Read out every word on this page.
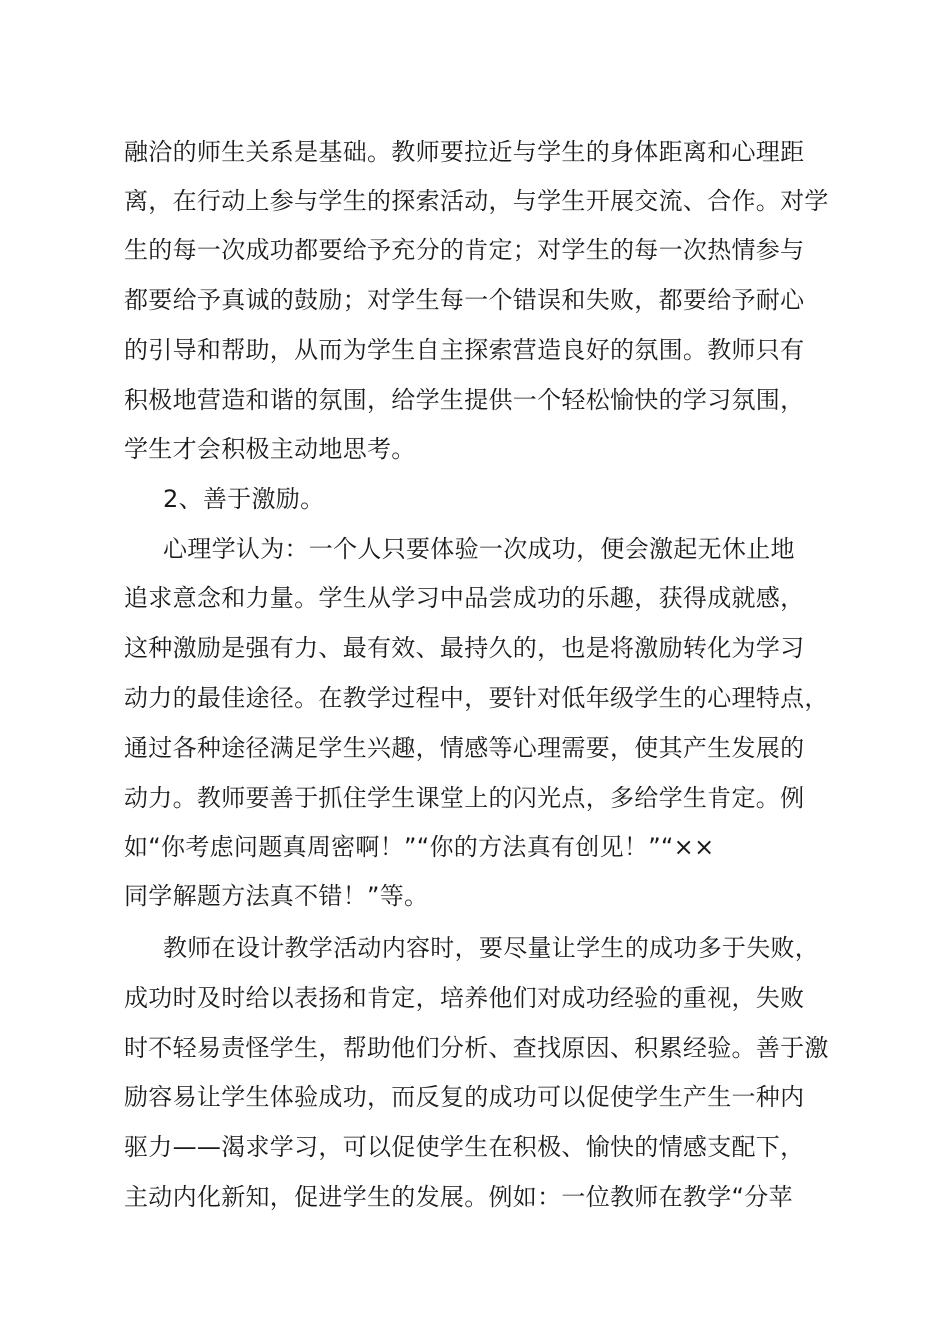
融洽的师生关系是基础。教师要拉近与学生的身体距离和心理距
离，在行动上参与学生的探索活动，与学生开展交流、合作。对学
生的每一次成功都要给予充分的肯定；对学生的每一次热情参与
都要给予真诚的鼓励；对学生每一个错误和失败，都要给予耐心
的引导和帮助，从而为学生自主探索营造良好的氛围。教师只有
积极地营造和谐的氛围，给学生提供一个轻松愉快的学习氛围，
学生才会积极主动地思考。
2、善于激励。
心理学认为：一个人只要体验一次成功，便会激起无休止地
追求意念和力量。学生从学习中品尝成功的乐趣，获得成就感，
这种激励是强有力、最有效、最持久的，也是将激励转化为学习
动力的最佳途径。在教学过程中，要针对低年级学生的心理特点，
通过各种途径满足学生兴趣，情感等心理需要，使其产生发展的
动力。教师要善于抓住学生课堂上的闪光点，多给学生肯定。例
如“你考虑问题真周密啊！”“你的方法真有创见！”“××
同学解题方法真不错！”等。
教师在设计教学活动内容时，要尽量让学生的成功多于失败，
成功时及时给以表扬和肯定，培养他们对成功经验的重视，失败
时不轻易责怪学生，帮助他们分析、查找原因、积累经验。善于激
励容易让学生体验成功，而反复的成功可以促使学生产生一种内
驱力——渴求学习，可以促使学生在积极、愉快的情感支配下，
主动内化新知，促进学生的发展。例如：一位教师在教学“分苹
